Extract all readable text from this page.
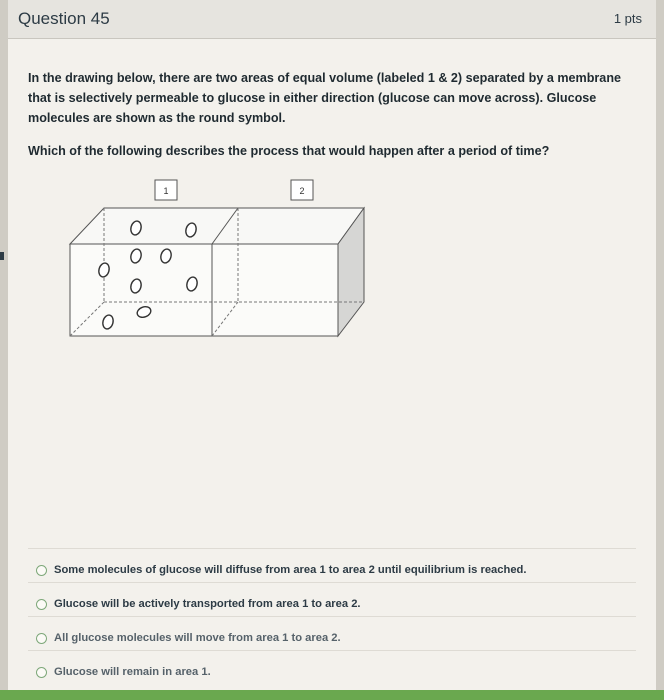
Question 45	1 pts

In the drawing below, there are two areas of equal volume (labeled 1 & 2) separated by a membrane that is selectively permeable to glucose in either direction (glucose can move across). Glucose molecules are shown as the round symbol.

Which of the following describes the process that would happen after a period of time?
1	2
Some molecules of glucose will diffuse from area 1 to area 2 until equilibrium is reached.
Glucose will be actively transported from area 1 to area 2.
All glucose molecules will move from area 1 to area 2.
Glucose will remain in area 1.
